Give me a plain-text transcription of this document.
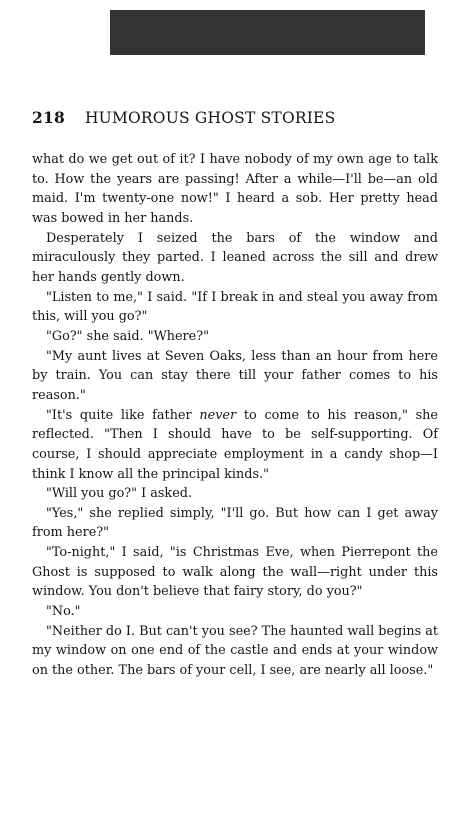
218 HUMOROUS GHOST STORIES

what do we get out of it? I have nobody of my own age to talk to. How the years are passing! After a while—I'll be—an old maid. I'm twenty-one now!" I heard a sob. Her pretty head was bowed in her hands.

Desperately I seized the bars of the window and miraculously they parted. I leaned across the sill and drew her hands gently down.

"Listen to me," I said. "If I break in and steal you away from this, will you go?"

"Go?" she said. "Where?"

"My aunt lives at Seven Oaks, less than an hour from here by train. You can stay there till your father comes to his reason."

"It's quite like father never to come to his reason," she reflected. "Then I should have to be self-supporting. Of course, I should appreciate employment in a candy shop—I think I know all the principal kinds."

"Will you go?" I asked.

"Yes," she replied simply, "I'll go. But how can I get away from here?"

"To-night," I said, "is Christmas Eve, when Pierrepont the Ghost is supposed to walk along the wall—right under this window. You don't believe that fairy story, do you?"

"No."

"Neither do I. But can't you see? The haunted wall begins at my window on one end of the castle and ends at your window on the other. The bars of your cell, I see, are nearly all loose."
